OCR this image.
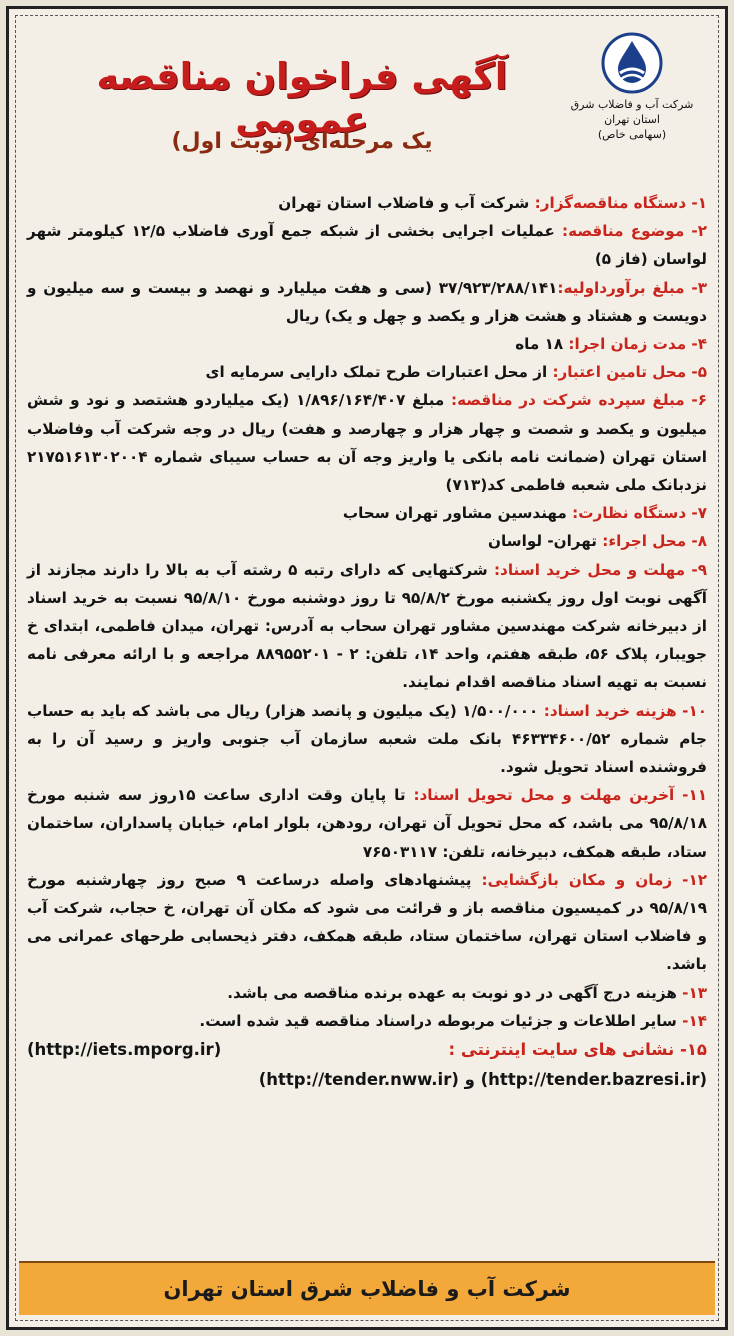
شرکت آب و فاضلاب شرق استان تهران
(سهامی خاص)
آگهی فراخوان مناقصه عمومی
یک مرحله‌ای (نوبت اول)

۱- دستگاه مناقصه‌گزار: شرکت آب و فاضلاب استان تهران

۲- موضوع مناقصه: عملیات اجرایی بخشی از شبکه جمع آوری فاضلاب ۱۲/۵ کیلومتر شهر لواسان (فاز ۵)

۳- مبلغ برآورداولیه:۳۷/۹۲۳/۲۸۸/۱۴۱ (سی و هفت میلیارد و نهصد و بیست و سه میلیون و دویست و هشتاد و هشت هزار و یکصد و چهل و یک) ریال

۴- مدت زمان اجرا: ۱۸ ماه

۵- محل تامین اعتبار: از محل اعتبارات طرح تملک دارایی سرمایه ای

۶- مبلغ سپرده شرکت در مناقصه: مبلغ ۱/۸۹۶/۱۶۴/۴۰۷ (یک میلیاردو هشتصد و نود و شش میلیون و یکصد و شصت و چهار هزار و چهارصد و هفت) ریال در وجه شرکت آب وفاضلاب استان تهران (ضمانت نامه بانکی یا واریز وجه آن به حساب سیبای شماره ۲۱۷۵۱۶۱۳۰۲۰۰۴ نزدبانک ملی شعبه فاطمی کد(۷۱۳)

۷- دستگاه نظارت: مهندسین مشاور تهران سحاب

۸- محل اجراء: تهران- لواسان

۹- مهلت و محل خرید اسناد: شرکتهایی که دارای رتبه ۵ رشته آب به بالا را دارند مجازند از آگهی نوبت اول روز یکشنبه مورخ ۹۵/۸/۲ تا روز دوشنبه مورخ ۹۵/۸/۱۰ نسبت به خرید اسناد از دبیرخانه شرکت مهندسین مشاور تهران سحاب به آدرس: تهران، میدان فاطمی، ابتدای خ جویبار، پلاک ۵۶، طبقه هفتم، واحد ۱۴، تلفن: ۲ - ۸۸۹۵۵۲۰۱ مراجعه و با ارائه معرفی نامه نسبت به تهیه اسناد مناقصه اقدام نمایند.

۱۰- هزینه خرید اسناد: ۱/۵۰۰/۰۰۰ (یک میلیون و پانصد هزار) ریال می باشد که باید به حساب جام شماره ۴۶۳۳۴۶۰۰/۵۲ بانک ملت شعبه سازمان آب جنوبی واریز و رسید آن را به فروشنده اسناد تحویل شود.

۱۱- آخرین مهلت و محل تحویل اسناد: تا پایان وقت اداری ساعت ۱۵روز سه شنبه مورخ ۹۵/۸/۱۸ می باشد، که محل تحویل آن تهران، رودهن، بلوار امام، خیابان پاسداران، ساختمان ستاد، طبقه همکف، دبیرخانه، تلفن: ۷۶۵۰۳۱۱۷

۱۲- زمان و مکان بازگشایی: پیشنهادهای واصله درساعت ۹ صبح روز چهارشنبه مورخ ۹۵/۸/۱۹ در کمیسیون مناقصه باز و قرائت می شود که مکان آن تهران، خ حجاب، شرکت آب و فاضلاب استان تهران، ساختمان ستاد، طبقه همکف، دفتر ذیحسابی طرحهای عمرانی می باشد.

۱۳- هزینه درج آگهی در دو نوبت به عهده برنده مناقصه می باشد.

۱۴- سایر اطلاعات و جزئیات مربوطه دراسناد مناقصه قید شده است.

۱۵- نشانی های سایت اینترنتی :
(http://iets.mporg.ir)
(http://tender.bazresi.ir) و (http://tender.nww.ir)
شرکت آب و فاضلاب شرق استان تهران
